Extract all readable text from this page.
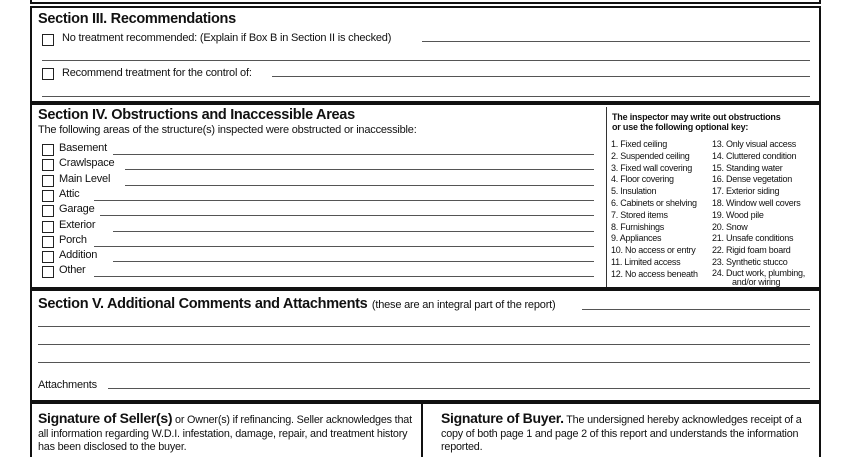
Section III. Recommendations
No treatment recommended: (Explain if Box B in Section II is checked)
Recommend treatment for the control of:
Section IV. Obstructions and Inaccessible Areas
The following areas of the structure(s) inspected were obstructed or inaccessible:
Basement
Crawlspace
Main Level
Attic
Garage
Exterior
Porch
Addition
Other
The inspector may write out obstructions
or use the following optional key:
1. Fixed ceiling
2. Suspended ceiling
3. Fixed wall covering
4. Floor covering
5. Insulation
6. Cabinets or shelving
7. Stored items
8. Furnishings
9. Appliances
10. No access or entry
11. Limited access
12. No access beneath
13. Only visual access
14. Cluttered condition
15. Standing water
16. Dense vegetation
17. Exterior siding
18. Window well covers
19. Wood pile
20. Snow
21. Unsafe conditions
22. Rigid foam board
23. Synthetic stucco
24. Duct work, plumbing,
and/or wiring
Section V. Additional Comments and Attachments (these are an integral part of the report)
Attachments
Signature of Seller(s) or Owner(s) if refinancing. Seller acknowledges that all information regarding W.D.I. infestation, damage, repair, and treatment history has been disclosed to the buyer.
Signature of Buyer. The undersigned hereby acknowledges receipt of a copy of both page 1 and page 2 of this report and understands the information reported.
